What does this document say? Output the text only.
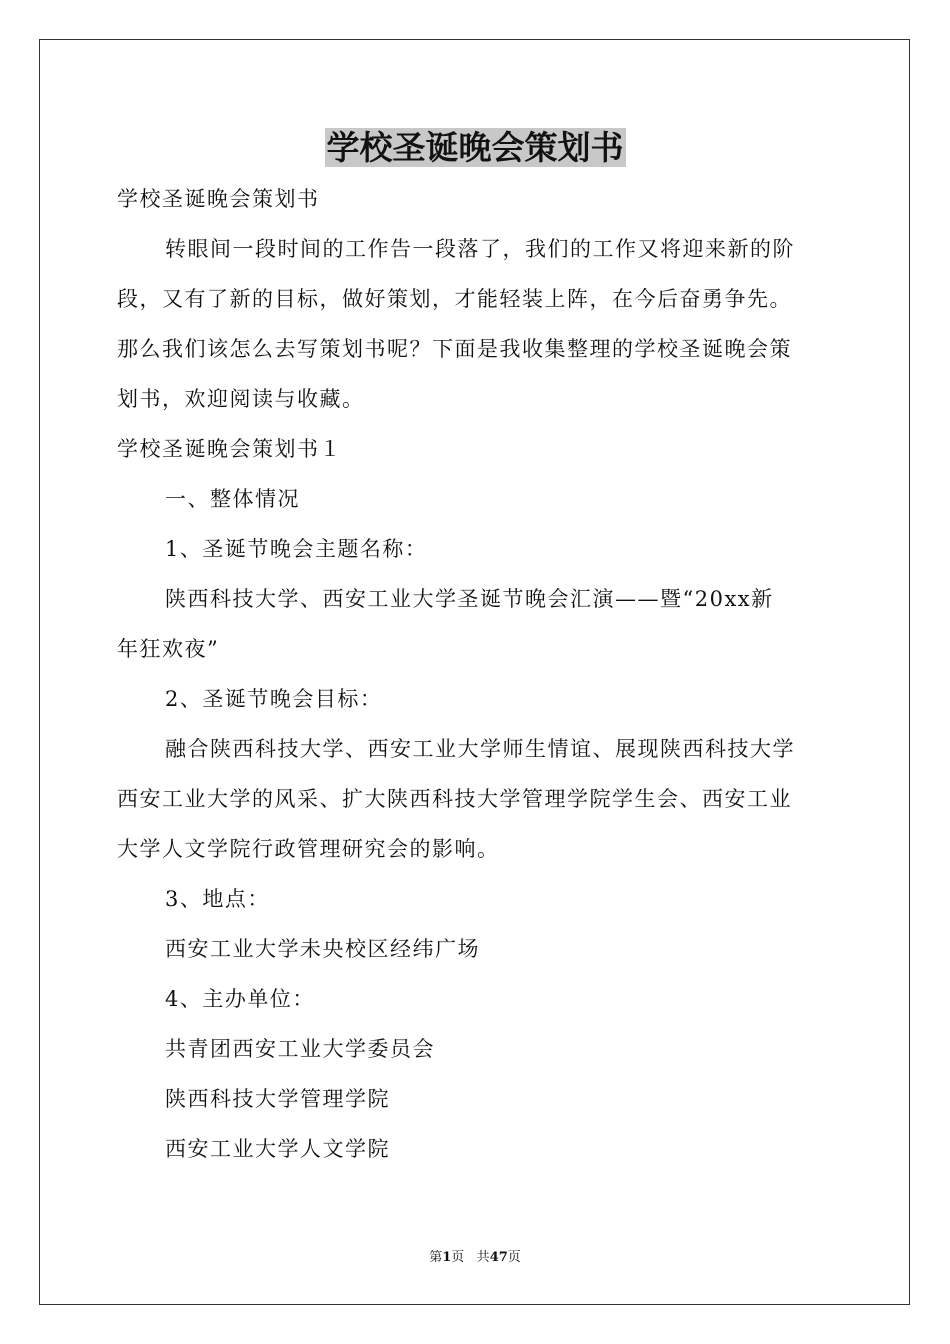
学校圣诞晚会策划书
学校圣诞晚会策划书
转眼间一段时间的工作告一段落了，我们的工作又将迎来新的阶
段，又有了新的目标，做好策划，才能轻装上阵，在今后奋勇争先。
那么我们该怎么去写策划书呢？下面是我收集整理的学校圣诞晚会策
划书，欢迎阅读与收藏。
学校圣诞晚会策划书１
一、整体情况
1、圣诞节晚会主题名称：
陕西科技大学、西安工业大学圣诞节晚会汇演——暨“20xx新
年狂欢夜”
2、圣诞节晚会目标：
融合陕西科技大学、西安工业大学师生情谊、展现陕西科技大学
西安工业大学的风采、扩大陕西科技大学管理学院学生会、西安工业
大学人文学院行政管理研究会的影响。
3、地点：
西安工业大学未央校区经纬广场
4、主办单位：
共青团西安工业大学委员会
陕西科技大学管理学院
西安工业大学人文学院
第1页 共47页
